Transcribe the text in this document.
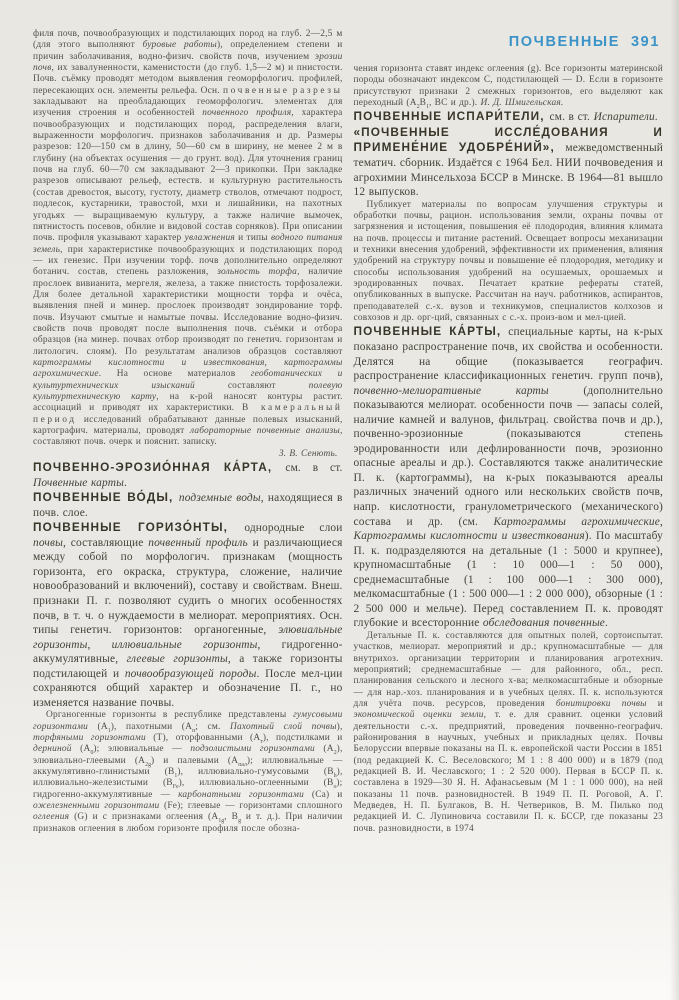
филя почв, почвообразующих и подстилающих пород на глуб. 2—2,5 м (для этого выполняют буровые работы), определением степени и причин заболачивания, водно-физич. свойств почв, изучением эрозии почв, их завалуненности, каменистости (до глуб. 1,5—2 м) и пнистости. Почв. съёмку проводят методом выявления геоморфологич. профилей, пересекающих осн. элементы рельефа. Осн. почвенные разрезы закладывают на преобладающих геоморфологич. элементах для изучения строения и особенностей почвенного профиля, характера почвообразующих и подстилающих пород, распределения влаги, выраженности морфологич. признаков заболачивания и др. Размеры разрезов: 120—150 см в длину, 50—60 см в ширину, не менее 2 м в глубину (на объектах осушения — до грунт. вод). Для уточнения границ почв на глуб. 60—70 см закладывают 2—3 прикопки. При закладке разрезов описывают рельеф, естеств. и культурную растительность (состав древостоя, высоту, густоту, диаметр стволов, отмечают подрост, подлесок, кустарники, травостой, мхи и лишайники, на пахотных угодьях — выращиваемую культуру, а также наличие вымочек, пятнистость посевов, обилие и видовой состав сорняков). При описании почв. профиля указывают характер увлажнения и типы водного питания земель, при характеристике почвообразующих и подстилающих пород — их генезис. При изучении торф. почв дополнительно определяют ботанич. состав, степень разложения, зольность торфа, наличие прослоек вивианита, мергеля, железа, а также пнистость торфозалежи. Для более детальной характеристики мощности торфа и очёса, выявления пней и минер. прослоек производят зондирование торф. почв. Изучают смытые и намытые почвы. Исследование водно-физич. свойств почв проводят после выполнения почв. съёмки и отбора образцов (на минер. почвах отбор производят по генетич. горизонтам и литологич. слоям). По результатам анализов образцов составляют картограммы кислотности и известкования, картограммы агрохимические. На основе материалов геоботанических и культуртехнических изысканий составляют полевую культуртехническую карту, на к-рой наносят контуры растит. ассоциаций и приводят их характеристики. В камеральный период исследований обрабатывают данные полевых изысканий, картографич. материалы, проводят лабораторные почвенные анализы, составляют почв. очерк и пояснит. записку.

З. В. Сенють.

ПОЧВЕННО-ЭРОЗИО́ННАЯ КА́РТА, см. в ст. Почвенные карты.

ПОЧВЕННЫЕ ВО́ДЫ, подземные воды, находящиеся в почв. слое.

ПОЧВЕННЫЕ ГОРИЗО́НТЫ, однородные слои почвы, составляющие почвенный профиль и различающиеся между собой по морфологич. признакам (мощность горизонта, его окраска, структура, сложение, наличие новообразований и включений), составу и свойствам. Внеш. признаки П. г. позволяют судить о многих особенностях почв, в т. ч. о нуждаемости в мелиорат. мероприятиях. Осн. типы генетич. горизонтов: органогенные, элювиальные горизонты, иллювиальные горизонты, гидрогенно-аккумулятивные, глеевые горизонты, а также горизонты подстилающей и почвообразующей породы. После мел-ции сохраняются общий характер и обозначение П. г., но изменяется название почвы.

Органогенные горизонты в республике представлены гумусовыми горизонтами $(A_1)$, пахотными ($A_п$; см. Пахотный слой почвы), торфяными горизонтами (Т), оторфованными $(A_т)$, подстилками и дерниной $(A_0)$; элювиальные — подзолистыми горизонтами $(A_2)$, элювиально-глеевыми $(A_{2g})$ и палевыми $(A_{пал})$; иллювиальные — аккумулятивно-глинистыми $(B_1)$, иллювиально-гумусовыми $(B_h)$, иллювиально-железистыми $(B_{Fe})$, иллювиально-оглеенными $(B_о)$; гидрогенно-аккумулятивные — карбонатными горизонтами (Ca) и ожелезненными горизонтами (Fe); глеевые — горизонтами сплошного оглеения (G) и с признаками оглеения ($A_{1g}$, $B_g$ и т. д.). При наличии признаков оглеения в любом горизонте профиля после обозна-

ПОЧВЕННЫЕ 391

чения горизонта ставят индекс оглеения (g). Все горизонты материнской породы обозначают индексом C, подстилающей — D. Если в горизонте присутствуют признаки 2 смежных горизонтов, его выделяют как переходный ($A_2B_1$, ВС и др.). И. Д. Шмигельская.

ПОЧВЕННЫЕ ИСПАРИ́ТЕЛИ, см. в ст. Испарители.

«ПОЧВЕННЫЕ ИССЛЕ́ДОВАНИЯ И ПРИМЕНЕ́НИЕ УДОБРЕ́НИЙ», межведомственный тематич. сборник. Издаётся с 1964 Бел. НИИ почвоведения и агрохимии Минсельхоза БССР в Минске. В 1964—81 вышло 12 выпусков.

Публикует материалы по вопросам улучшения структуры и обработки почвы, рацион. использования земли, охраны почвы от загрязнения и истощения, повышения её плодородия, влияния климата на почв. процессы и питание растений. Освещает вопросы механизации и техники внесения удобрений, эффективности их применения, влияния удобрений на структуру почвы и повышение её плодородия, методику и способы использования удобрений на осушаемых, орошаемых и эродированных почвах. Печатает краткие рефераты статей, опубликованных в выпуске. Рассчитан на науч. работников, аспирантов, преподавателей с.-х. вузов и техникумов, специалистов колхозов и совхозов и др. орг-ций, связанных с с.-х. произ-вом и мел-цией.

ПОЧВЕННЫЕ КА́РТЫ, специальные карты, на к-рых показано распространение почв, их свойства и особенности. Делятся на общие (показывается географич. распространение классификационных генетич. групп почв), почвенно-мелиоративные карты (дополнительно показываются мелиорат. особенности почв — запасы солей, наличие камней и валунов, фильтрац. свойства почв и др.), почвенно-эрозионные (показываются степень эродированности или дефлированности почв, эрозионно опасные ареалы и др.). Составляются также аналитические П. к. (картограммы), на к-рых показываются ареалы различных значений одного или нескольких свойств почв, напр. кислотности, гранулометрического (механического) состава и др. (см. Картограммы агрохимические, Картограммы кислотности и известкования). По масштабу П. к. подразделяются на детальные (1 : 5000 и крупнее), крупномасштабные (1 : 10 000—1 : 50 000), среднемасштабные (1 : 100 000—1 : 300 000), мелкомасштабные (1 : 500 000—1 : 2 000 000), обзорные (1 : 2 500 000 и мельче). Перед составлением П. к. проводят глубокие и всесторонние обследования почвенные.

Детальные П. к. составляются для опытных полей, сортоиспытат. участков, мелиорат. мероприятий и др.; крупномасштабные — для внутрихоз. организации территории и планирования агротехнич. мероприятий; среднемасштабные — для районного, обл., респ. планирования сельского и лесного х-ва; мелкомасштабные и обзорные — для нар.-хоз. планирования и в учебных целях. П. к. используются для учёта почв. ресурсов, проведения бонитировки почвы и экономической оценки земли, т. е. для сравнит. оценки условий деятельности с.-х. предприятий, проведения почвенно-географич. районирования в научных, учебных и прикладных целях. Почвы Белоруссии впервые показаны на П. к. европейской части России в 1851 (под редакцией К. С. Веселовского; М 1 : 8 400 000) и в 1879 (под редакцией В. И. Чеславского; 1 : 2 520 000). Первая в БССР П. к. составлена в 1929—30 Я. Н. Афанасьевым (М 1 : 1 000 000), на ней показаны 11 почв. разновидностей. В 1949 П. П. Роговой, А. Г. Медведев, Н. П. Булгаков, В. Н. Четвериков, В. М. Пилько под редакцией И. С. Лупиновича составили П. к. БССР, где показаны 23 почв. разновидности, в 1974
